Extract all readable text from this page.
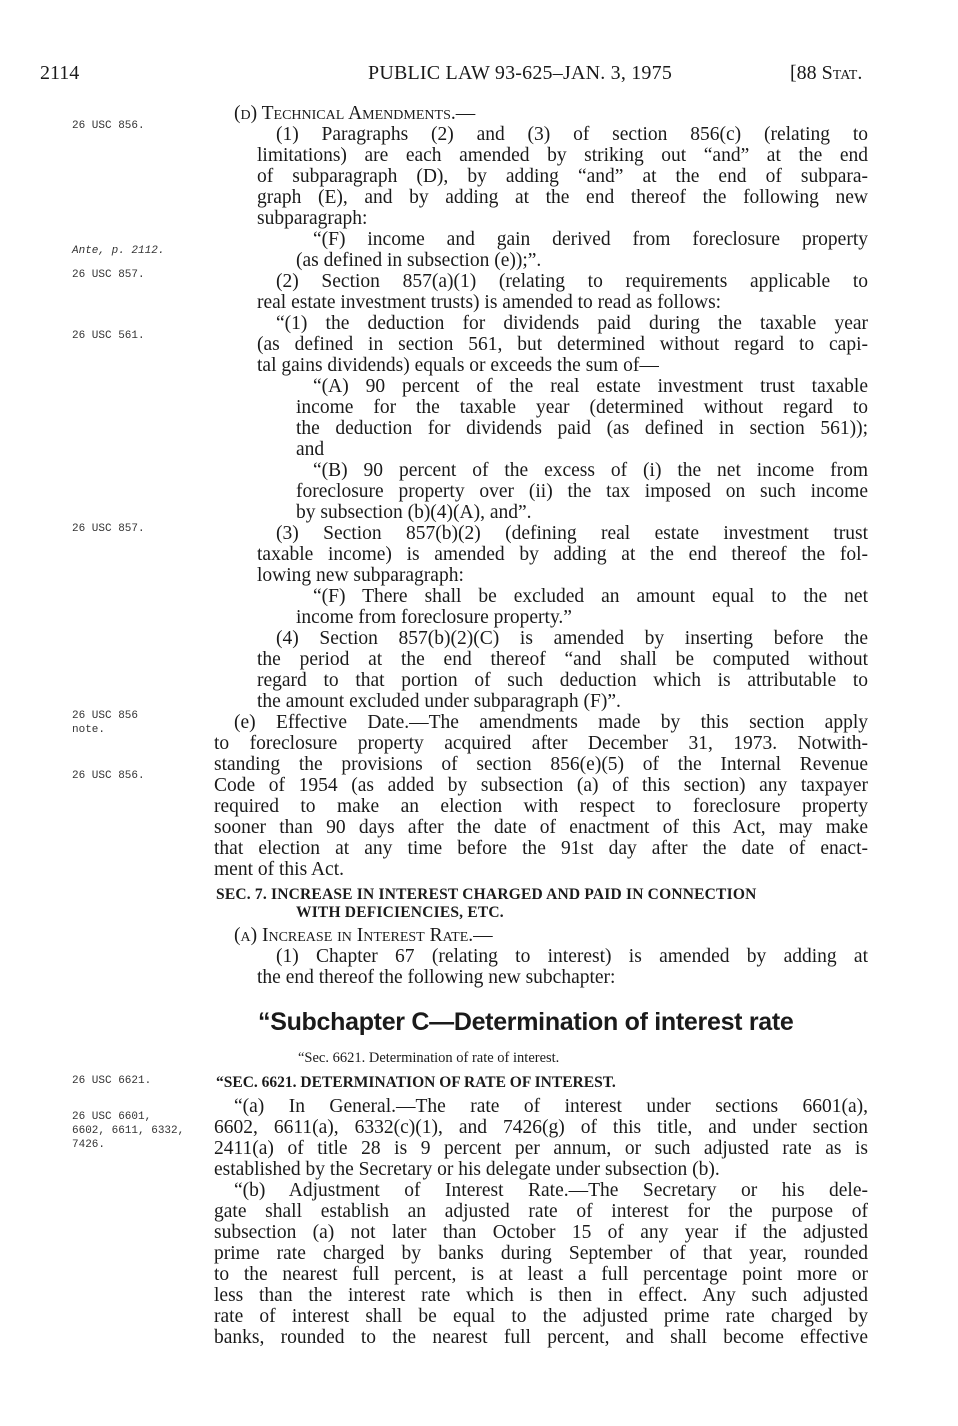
2114	PUBLIC LAW 93-625–JAN. 3, 1975	[88 Stat.
26 USC 856.
Ante, p. 2112.
26 USC 857.
26 USC 561.
26 USC 857.
26 USC 856
note.
26 USC 856.
26 USC 6621.
26 USC 6601,
6602, 6611, 6332,
7426.
(d) Technical Amendments.—
(1) Paragraphs (2) and (3) of section 856(c) (relating to
limitations) are each amended by striking out “and” at the end
of subparagraph (D), by adding “and” at the end of subpara-
graph (E), and by adding at the end thereof the following new
subparagraph:
“(F) income and gain derived from foreclosure property
(as defined in subsection (e));”.
(2) Section 857(a)(1) (relating to requirements applicable to
real estate investment trusts) is amended to read as follows:
“(1) the deduction for dividends paid during the taxable year
(as defined in section 561, but determined without regard to capi-
tal gains dividends) equals or exceeds the sum of—
“(A) 90 percent of the real estate investment trust taxable
income for the taxable year (determined without regard to
the deduction for dividends paid (as defined in section 561));
and
“(B) 90 percent of the excess of (i) the net income from
foreclosure property over (ii) the tax imposed on such income
by subsection (b)(4)(A), and”.
(3) Section 857(b)(2) (defining real estate investment trust
taxable income) is amended by adding at the end thereof the fol-
lowing new subparagraph:
“(F) There shall be excluded an amount equal to the net
income from foreclosure property.”
(4) Section 857(b)(2)(C) is amended by inserting before the
the period at the end thereof “and shall be computed without
regard to that portion of such deduction which is attributable to
the amount excluded under subparagraph (F)”.
(e) Effective Date.—The amendments made by this section apply
to foreclosure property acquired after December 31, 1973. Notwith-
standing the provisions of section 856(e)(5) of the Internal Revenue
Code of 1954 (as added by subsection (a) of this section) any taxpayer
required to make an election with respect to foreclosure property
sooner than 90 days after the date of enactment of this Act, may make
that election at any time before the 91st day after the date of enact-
ment of this Act.
SEC. 7. INCREASE IN INTEREST CHARGED AND PAID IN CONNECTION
WITH DEFICIENCIES, ETC.
(a) Increase in Interest Rate.—
(1) Chapter 67 (relating to interest) is amended by adding at
the end thereof the following new subchapter:
“Subchapter C—Determination of interest rate
“Sec. 6621. Determination of rate of interest.
“SEC. 6621. DETERMINATION OF RATE OF INTEREST.
“(a) In General.—The rate of interest under sections 6601(a),
6602, 6611(a), 6332(c)(1), and 7426(g) of this title, and under section
2411(a) of title 28 is 9 percent per annum, or such adjusted rate as is
established by the Secretary or his delegate under subsection (b).
“(b) Adjustment of Interest Rate.—The Secretary or his dele-
gate shall establish an adjusted rate of interest for the purpose of
subsection (a) not later than October 15 of any year if the adjusted
prime rate charged by banks during September of that year, rounded
to the nearest full percent, is at least a full percentage point more or
less than the interest rate which is then in effect. Any such adjusted
rate of interest shall be equal to the adjusted prime rate charged by
banks, rounded to the nearest full percent, and shall become effective
